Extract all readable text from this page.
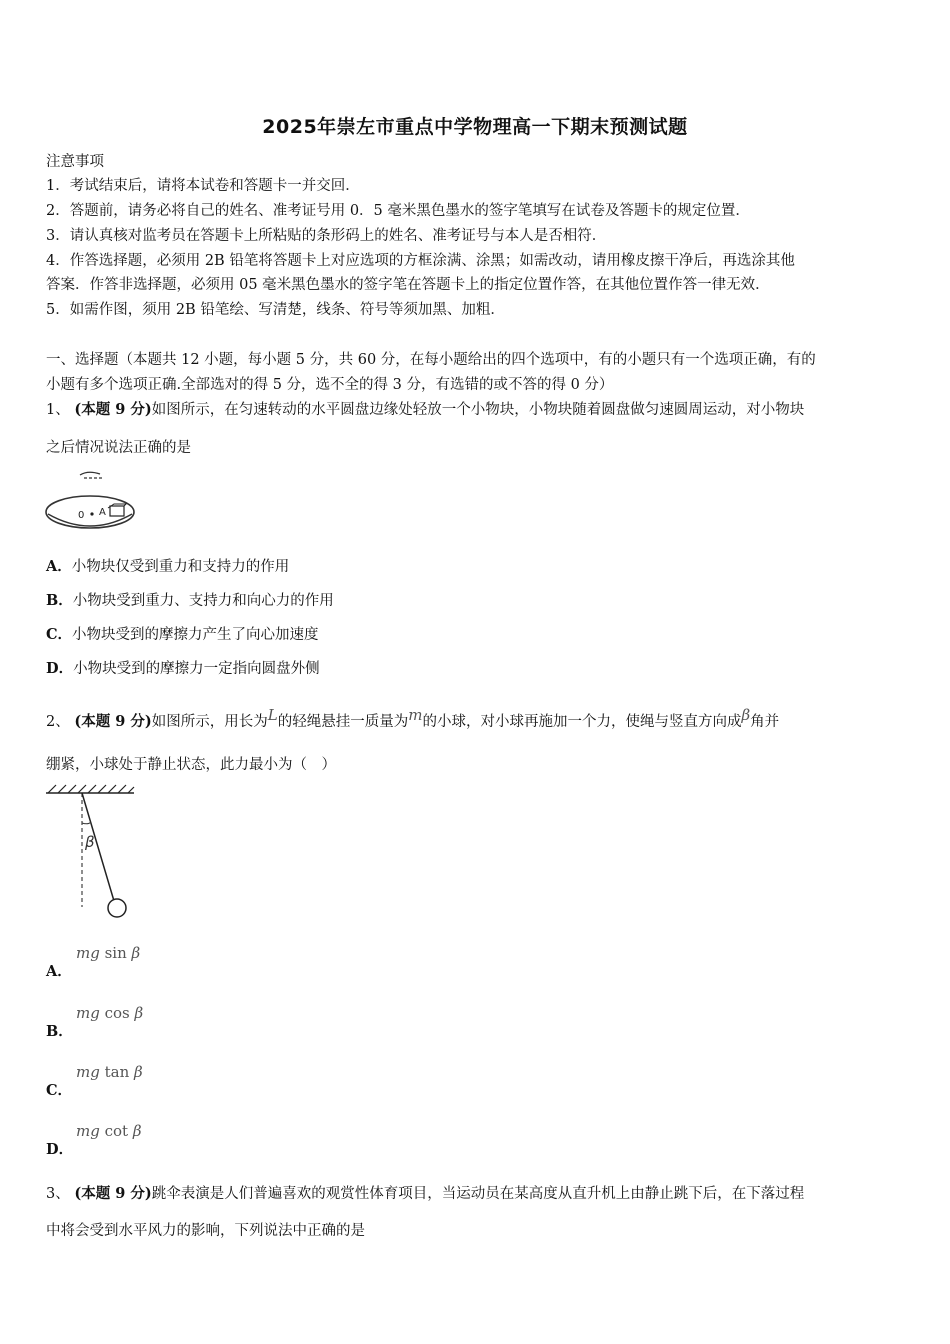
2025年崇左市重点中学物理高一下期末预测试题
注意事项
1．考试结束后，请将本试卷和答题卡一并交回．
2．答题前，请务必将自己的姓名、准考证号用 0．5 毫米黑色墨水的签字笔填写在试卷及答题卡的规定位置．
3．请认真核对监考员在答题卡上所粘贴的条形码上的姓名、准考证号与本人是否相符．
4．作答选择题，必须用 2B 铅笔将答题卡上对应选项的方框涂满、涂黑；如需改动，请用橡皮擦干净后，再选涂其他
答案．作答非选择题，必须用 05 毫米黑色墨水的签字笔在答题卡上的指定位置作答，在其他位置作答一律无效．
5．如需作图，须用 2B 铅笔绘、写清楚，线条、符号等须加黑、加粗．
一、选择题（本题共 12 小题，每小题 5 分，共 60 分，在每小题给出的四个选项中，有的小题只有一个选项正确，有的
小题有多个选项正确.全部选对的得 5 分，选不全的得 3 分，有选错的或不答的得 0 分）
1、 (本题 9 分)如图所示，在匀速转动的水平圆盘边缘处轻放一个小物块，小物块随着圆盘做匀速圆周运动，对小物块
之后情况说法正确的是
0 A
A．小物块仅受到重力和支持力的作用
B．小物块受到重力、支持力和向心力的作用
C．小物块受到的摩擦力产生了向心加速度
D．小物块受到的摩擦力一定指向圆盘外侧
2、 (本题 9 分)如图所示，用长为$^L$的轻绳悬挂一质量为$^m$的小球，对小球再施加一个力，使绳与竖直方向成$^\beta$角并
绷紧，小球处于静止状态，此力最小为（　）
β
A．
mg sin β
B．
mg cos β
C．
mg tan β
D．
mg cot β
3、 (本题 9 分)跳伞表演是人们普遍喜欢的观赏性体育项目，当运动员在某高度从直升机上由静止跳下后，在下落过程
中将会受到水平风力的影响，下列说法中正确的是
